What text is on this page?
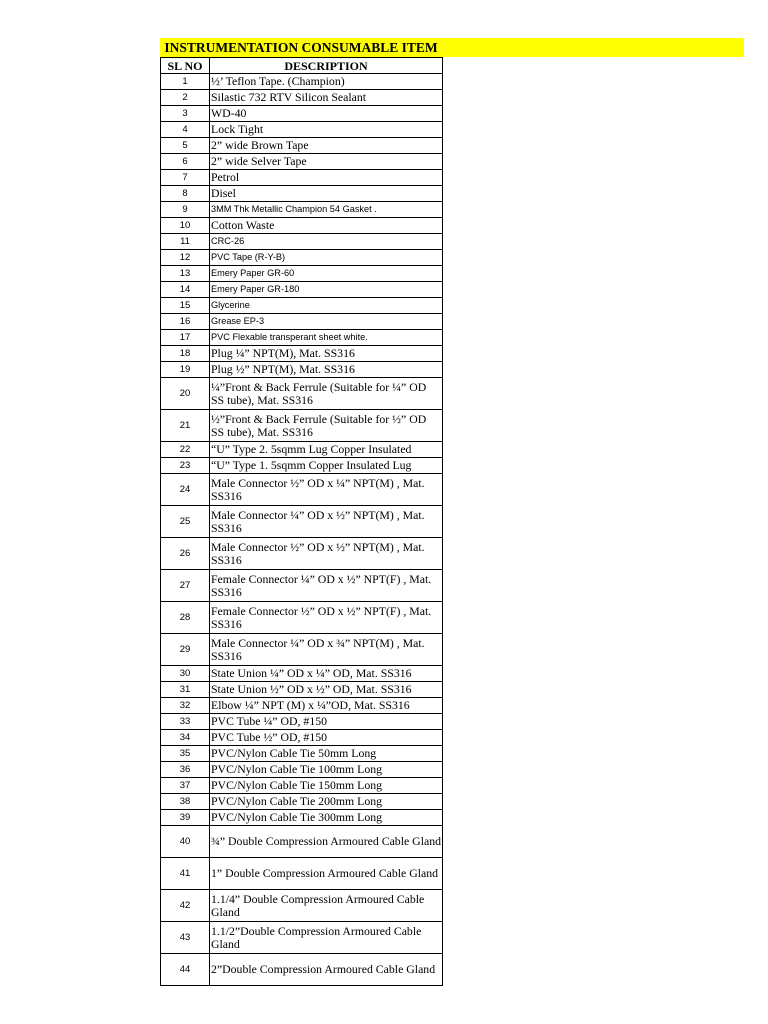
INSTRUMENTATION CONSUMABLE ITEM
SL NO	DESCRIPTION
1	½’ Teflon Tape. (Champion)
2	Silastic 732 RTV Silicon Sealant
3	WD-40
4	Lock Tight
5	2” wide Brown Tape
6	2” wide Selver Tape
7	Petrol
8	Disel
9	3MM Thk Metallic Champion 54 Gasket .
10	Cotton Waste
11	CRC-26
12	PVC Tape (R-Y-B)
13	Emery Paper GR-60
14	Emery Paper GR-180
15	Glycerine
16	Grease EP-3
17	PVC Flexable transperant sheet white.
18	Plug ¼” NPT(M), Mat. SS316
19	Plug ½” NPT(M), Mat. SS316
20	¼”Front & Back Ferrule (Suitable for ¼” OD SS tube), Mat. SS316
21	½”Front & Back Ferrule (Suitable for ½” OD SS tube), Mat. SS316
22	“U” Type 2. 5sqmm Lug Copper Insulated
23	“U” Type 1. 5sqmm Copper Insulated Lug
24	Male Connector ½” OD x ¼” NPT(M) , Mat. SS316
25	Male Connector ¼” OD x ½” NPT(M) , Mat. SS316
26	Male Connector ½” OD x ½” NPT(M) , Mat. SS316
27	Female Connector ¼” OD x ½” NPT(F) , Mat. SS316
28	Female Connector ½” OD x ½” NPT(F) , Mat. SS316
29	Male Connector ¼” OD x ¾” NPT(M) , Mat. SS316
30	State Union ¼” OD x ¼” OD, Mat. SS316
31	State Union ½” OD x ½” OD, Mat. SS316
32	Elbow ¼” NPT (M) x ¼”OD, Mat. SS316
33	PVC Tube ¼” OD, #150
34	PVC Tube ½” OD, #150
35	PVC/Nylon Cable Tie 50mm Long
36	PVC/Nylon Cable Tie 100mm Long
37	PVC/Nylon Cable Tie 150mm Long
38	PVC/Nylon Cable Tie 200mm Long
39	PVC/Nylon Cable Tie 300mm Long
40	¾” Double Compression Armoured Cable Gland
41	1” Double Compression Armoured Cable Gland
42	1.1/4” Double Compression Armoured Cable Gland
43	1.1/2”Double Compression Armoured Cable Gland
44	2”Double Compression Armoured Cable Gland
